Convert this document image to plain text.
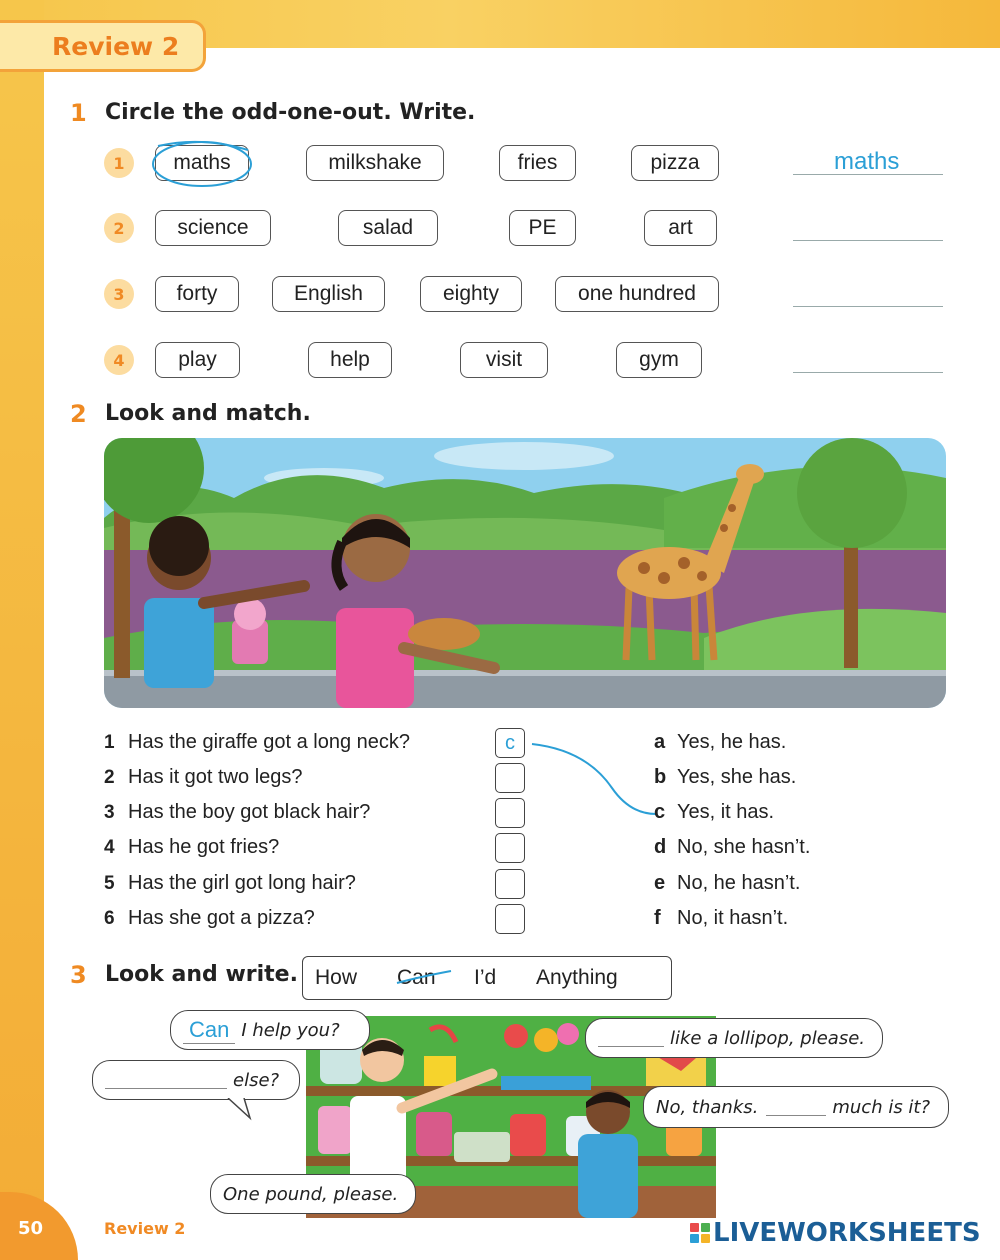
Review 2
1 Circle the odd-one-out. Write.
1	maths	milkshake	fries	pizza	maths
2	science	salad	PE	art
3	forty	English	eighty	one hundred
4	play	help	visit	gym
2 Look and match.
1 Has the giraffe got a long neck?	c
2 Has it got two legs?
3 Has the boy got black hair?
4 Has he got fries?
5 Has the girl got long hair?
6 Has she got a pizza?
a Yes, he has.
b Yes, she has.
c Yes, it has.
d No, she hasn’t.
e No, he hasn’t.
f No, it hasn’t.
3 Look and write. How Can I’d Anything
Can I help you?
else?
like a lollipop, please.
No, thanks.	much is it?
One pound, please.
50	Review 2	LIVEWORKSHEETS
